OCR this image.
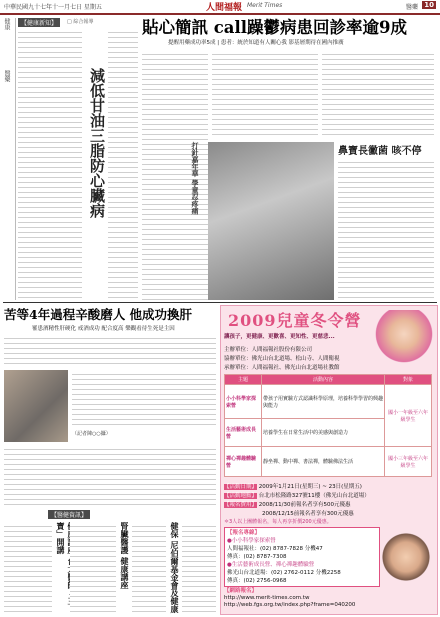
中華民國九十七年十一月七日 星期五	人間福報 Merit Times	醫藥 10
健康
醫藥
【健康新知】	□ 綜合報導
減低甘油三脂防心臟病
貼心簡訊 call躁鬱病患回診率逾9成
提醒用藥成功率5成 | 患者：統於知道有人關心我 影基層期待在國內推廣
打針嘉年華 學童忍疼痛	鼻寶長黴菌 咳不停
苦等4年過程辛酸磨人 他成功換肝
罹患酒精性肝硬化 戒酒成功 配合度高 樂觀看待生死是主因
（記者陳○○攝）
【醫健資訊】
寶」開講	腎臟醫護 健康講座	健保 尼伯爾基金會及健康
2009兒童冬令營
讓孩子，更健康、更歡喜、更知性、更慈悲...
主辦單位：人間福報社股份有限公司
協辦單位：佛光山台北道場、松山寺、人間衛視
承辦單位：人間福報社、佛光山台北道場社教館
主題	活動內容	對象
小小科學家探索營	帶孩子用實驗方式認識科學原理，培養科學學習的興趣與能力	國小一年級至六年級學生
生活藝術成長營	培養學生在日常生活中的美感與創造力	
禪心禪趣體驗營	靜坐禪、動中禪、書法禪，體驗佛法生活	國小三年級至六年級學生
【活動日期】 2009年1月21日(星期三) ~ 23日(星期五)
【活動地點】 台北市松隆路327號11樓（佛光山台北道場）
【報名費用】 2008/11/30前報名者享有500元優惠
2008/12/15前報名者享有300元優惠
＊3人以上團體報名，每人再享折價200元優惠。
【報名專線】
●小小科學家探索營
人間福報社：(02) 8787-7828 分機47
傳真：(02) 8787-7308
●生活藝術成長營、禪心禪趣體驗營
佛光山台北道場：(02) 2762-0112 分機2258
傳真：(02) 2756-0968
【網路報名】
http://www.merit-times.com.tw
http://web.fgs.org.tw/index.php?frame=040200
